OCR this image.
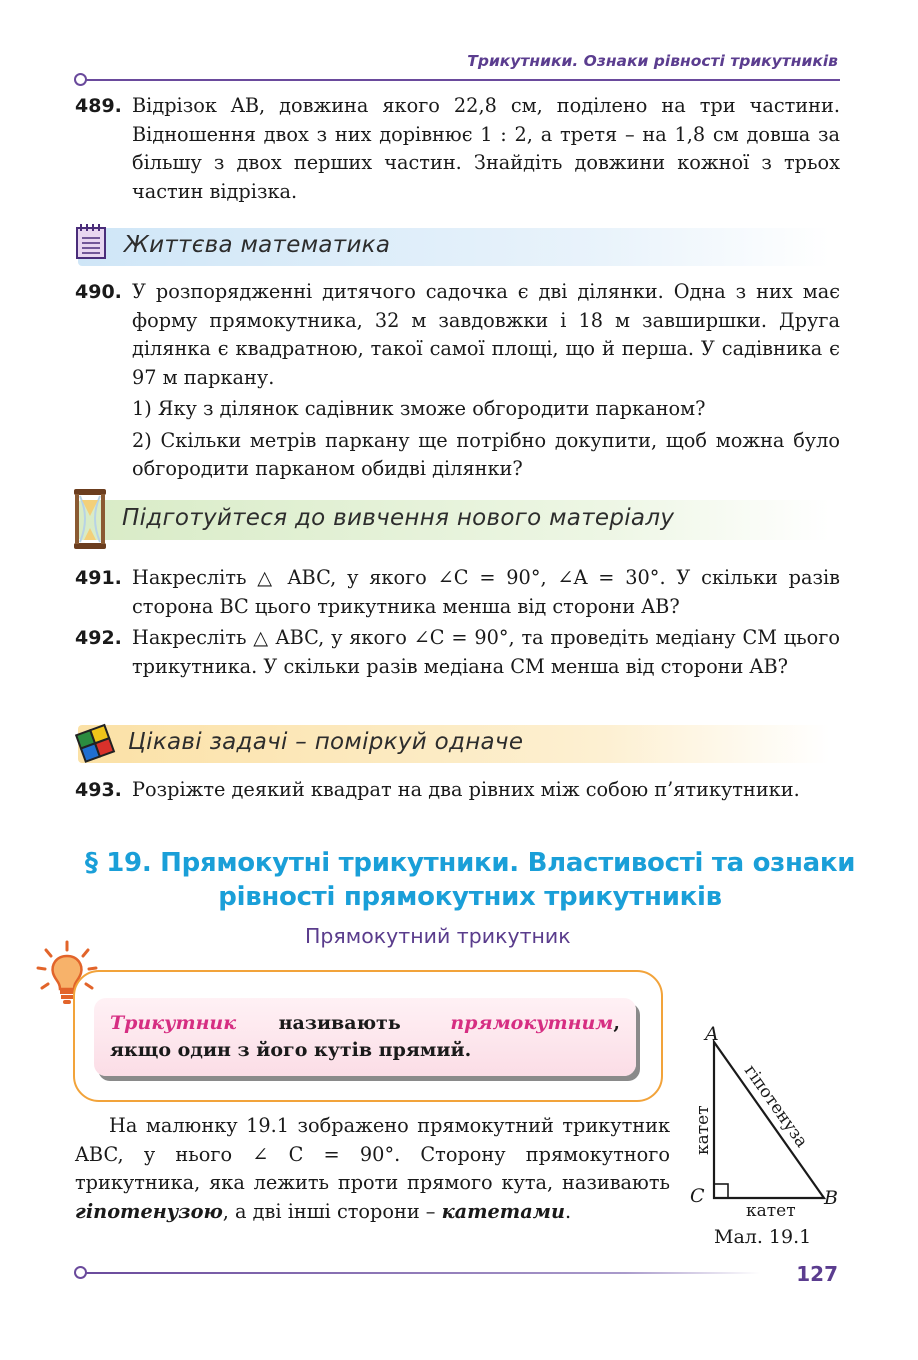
Трикутники. Ознаки рівності трикутників
489. Відрізок AB, довжина якого 22,8 см, поділено на три частини. Відношення двох з них дорівнює 1 : 2, а третя – на 1,8 см довша за більшу з двох перших частин. Знайдіть довжини кожної з трьох частин відрізка.
Життєва математика
490. У розпорядженні дитячого садочка є дві ділянки. Одна з них має форму прямокутника, 32 м завдовжки і 18 м завширшки. Друга ділянка є квадратною, такої самої площі, що й перша. У садівника є 97 м паркану.
1) Яку з ділянок садівник зможе обгородити парканом?
2) Скільки метрів паркану ще потрібно докупити, щоб можна було обгородити парканом обидві ділянки?
Підготуйтеся до вивчення нового матеріалу
491. Накресліть △ ABC, у якого ∠C = 90°, ∠A = 30°. У скільки разів сторона BC цього трикутника менша від сторони AB?
492. Накресліть △ ABC, у якого ∠C = 90°, та проведіть медіану CM цього трикутника. У скільки разів медіана CM менша від сторони AB?
Цікаві задачі – поміркуй одначе
493. Розріжте деякий квадрат на два рівних між собою п’ятикутники.
§ 19. Прямокутні трикутники. Властивості та ознаки
рівності прямокутних трикутників
Прямокутний трикутник
Трикутник називають	прямокутним, якщо один з його кутів прямий.
На малюнку 19.1 зображено прямокутний трикутник ABC, у нього ∠ C = 90°. Сторону прямокутного трикутника, яка лежить проти прямого кута, називають гіпотенузою, а дві інші сторони – катетами.
A
C	B
гіпотенуза
катет
катет
Мал. 19.1
127
